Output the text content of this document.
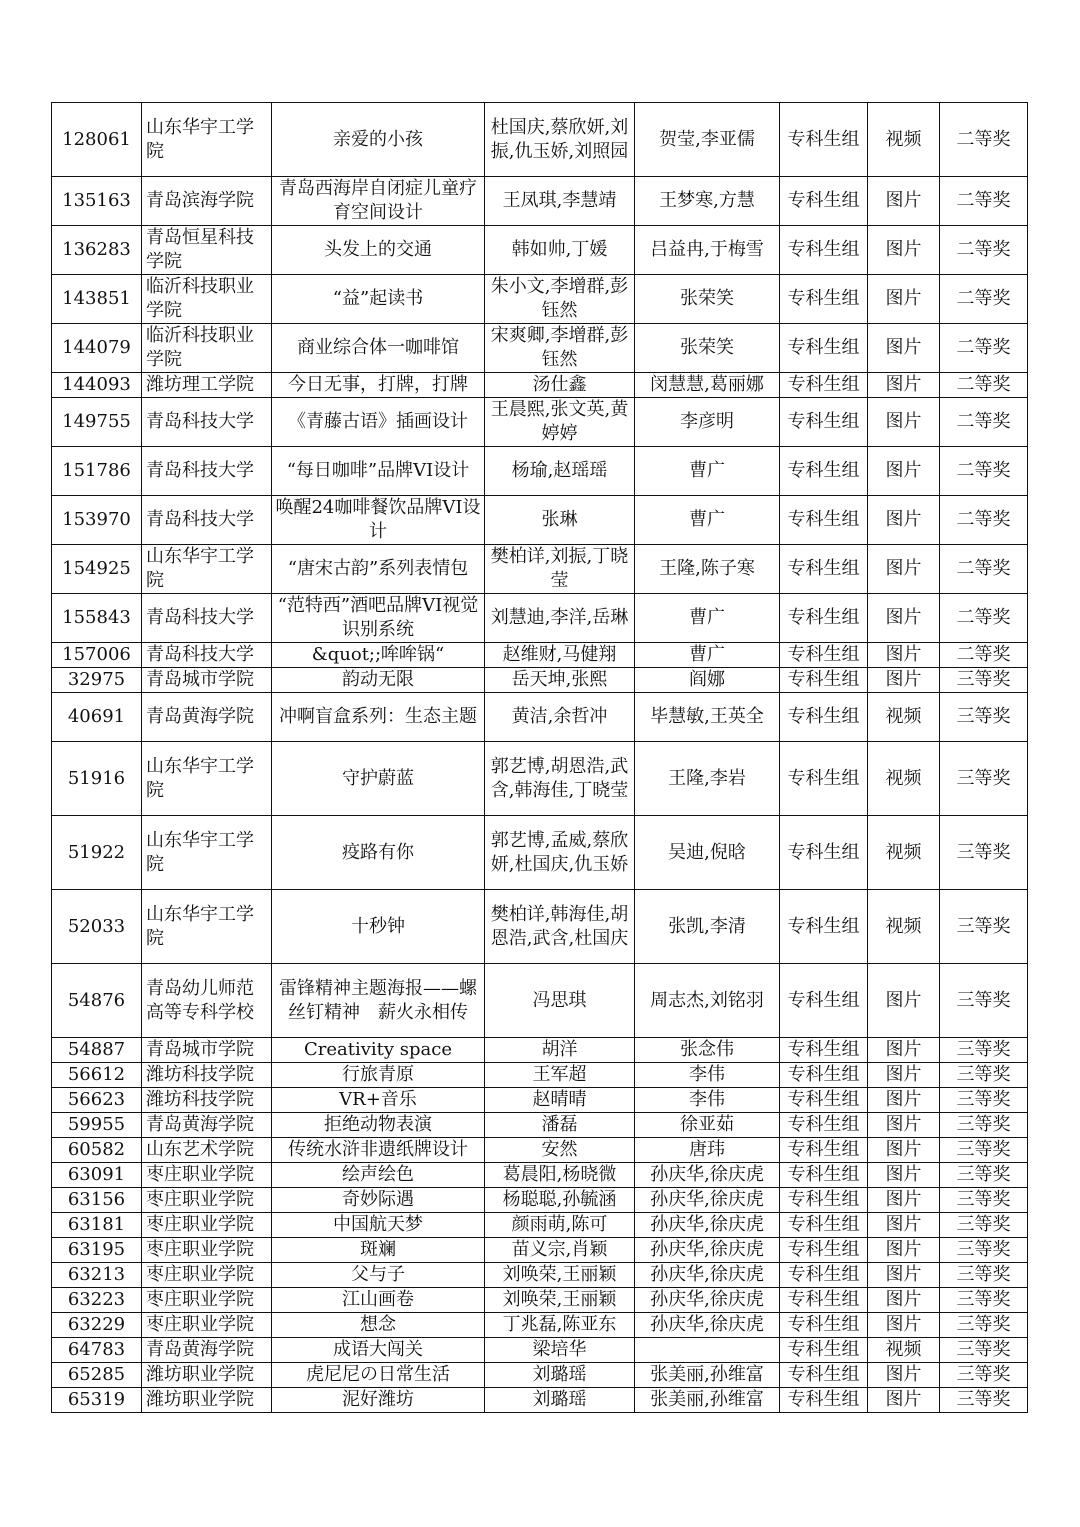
128061	山东华宇工学院	亲爱的小孩	杜国庆,蔡欣妍,刘振,仇玉娇,刘照园	贺莹,李亚儒	专科生组	视频	二等奖
135163	青岛滨海学院	青岛西海岸自闭症儿童疗育空间设计	王凤琪,李慧靖	王梦寒,方慧	专科生组	图片	二等奖
136283	青岛恒星科技学院	头发上的交通	韩如帅,丁媛	吕益冉,于梅雪	专科生组	图片	二等奖
143851	临沂科技职业学院	“益”起读书	朱小文,李增群,彭钰然	张荣笑	专科生组	图片	二等奖
144079	临沂科技职业学院	商业综合体一咖啡馆	宋爽卿,李增群,彭钰然	张荣笑	专科生组	图片	二等奖
144093	潍坊理工学院	今日无事，打牌，打牌	汤仕鑫	闵慧慧,葛丽娜	专科生组	图片	二等奖
149755	青岛科技大学	《青藤古语》插画设计	王晨熙,张文英,黄婷婷	李彦明	专科生组	图片	二等奖
151786	青岛科技大学	“每日咖啡”品牌VI设计	杨瑜,赵瑶瑶	曹广	专科生组	图片	二等奖
153970	青岛科技大学	唤醒24咖啡餐饮品牌VI设计	张琳	曹广	专科生组	图片	二等奖
154925	山东华宇工学院	“唐宋古韵”系列表情包	樊柏详,刘振,丁晓莹	王隆,陈子寒	专科生组	图片	二等奖
155843	青岛科技大学	“范特西”酒吧品牌VI视觉识别系统	刘慧迪,李洋,岳琳	曹广	专科生组	图片	二等奖
157006	青岛科技大学	&quot;;哞哞锅“	赵维财,马健翔	曹广	专科生组	图片	二等奖
32975	青岛城市学院	韵动无限	岳天坤,张熙	阎娜	专科生组	图片	三等奖
40691	青岛黄海学院	冲啊盲盒系列：生态主题	黄洁,余哲冲	毕慧敏,王英全	专科生组	视频	三等奖
51916	山东华宇工学院	守护蔚蓝	郭艺博,胡恩浩,武含,韩海佳,丁晓莹	王隆,李岩	专科生组	视频	三等奖
51922	山东华宇工学院	疫路有你	郭艺博,孟威,蔡欣妍,杜国庆,仇玉娇	吴迪,倪晗	专科生组	视频	三等奖
52033	山东华宇工学院	十秒钟	樊柏详,韩海佳,胡恩浩,武含,杜国庆	张凯,李清	专科生组	视频	三等奖
54876	青岛幼儿师范高等专科学校	雷锋精神主题海报——螺丝钉精神　薪火永相传	冯思琪	周志杰,刘铭羽	专科生组	图片	三等奖
54887	青岛城市学院	Creativity space	胡洋	张念伟	专科生组	图片	三等奖
56612	潍坊科技学院	行旅青原	王军超	李伟	专科生组	图片	三等奖
56623	潍坊科技学院	VR+音乐	赵晴晴	李伟	专科生组	图片	三等奖
59955	青岛黄海学院	拒绝动物表演	潘磊	徐亚茹	专科生组	图片	三等奖
60582	山东艺术学院	传统水浒非遗纸牌设计	安然	唐玮	专科生组	图片	三等奖
63091	枣庄职业学院	绘声绘色	葛晨阳,杨晓微	孙庆华,徐庆虎	专科生组	图片	三等奖
63156	枣庄职业学院	奇妙际遇	杨聪聪,孙毓涵	孙庆华,徐庆虎	专科生组	图片	三等奖
63181	枣庄职业学院	中国航天梦	颜雨萌,陈可	孙庆华,徐庆虎	专科生组	图片	三等奖
63195	枣庄职业学院	斑斓	苗义宗,肖颖	孙庆华,徐庆虎	专科生组	图片	三等奖
63213	枣庄职业学院	父与子	刘唤荣,王丽颖	孙庆华,徐庆虎	专科生组	图片	三等奖
63223	枣庄职业学院	江山画卷	刘唤荣,王丽颖	孙庆华,徐庆虎	专科生组	图片	三等奖
63229	枣庄职业学院	想念	丁兆磊,陈亚东	孙庆华,徐庆虎	专科生组	图片	三等奖
64783	青岛黄海学院	成语大闯关	梁培华		专科生组	视频	三等奖
65285	潍坊职业学院	虎尼尼の日常生活	刘璐瑶	张美丽,孙维富	专科生组	图片	三等奖
65319	潍坊职业学院	泥好潍坊	刘璐瑶	张美丽,孙维富	专科生组	图片	三等奖
